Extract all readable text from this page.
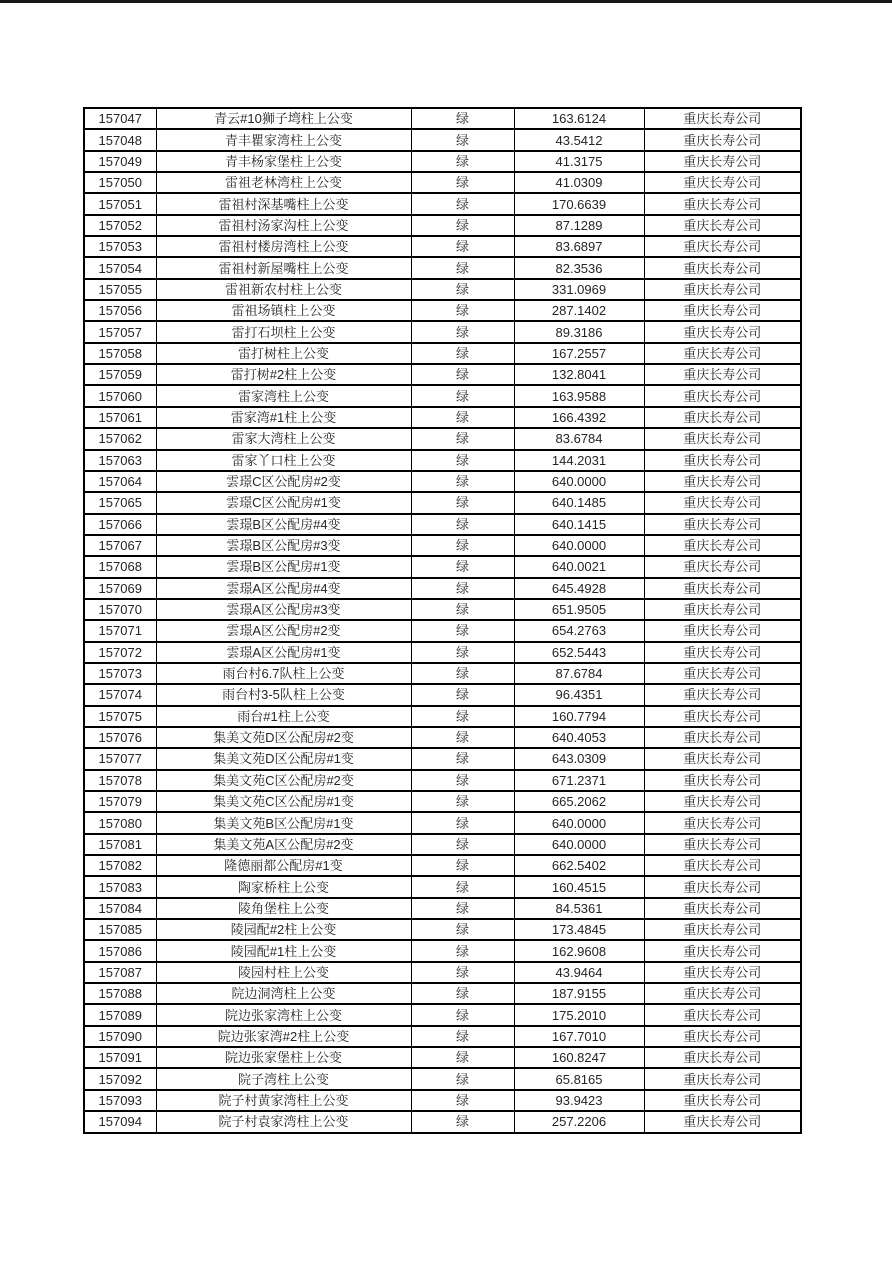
157047	青云#10狮子塆柱上公变	绿	163.6124	重庆长寿公司
157048	青丰瞿家湾柱上公变	绿	43.5412	重庆长寿公司
157049	青丰杨家堡柱上公变	绿	41.3175	重庆长寿公司
157050	雷祖老林湾柱上公变	绿	41.0309	重庆长寿公司
157051	雷祖村深基嘴柱上公变	绿	170.6639	重庆长寿公司
157052	雷祖村汤家沟柱上公变	绿	87.1289	重庆长寿公司
157053	雷祖村楼房湾柱上公变	绿	83.6897	重庆长寿公司
157054	雷祖村新屋嘴柱上公变	绿	82.3536	重庆长寿公司
157055	雷祖新农村柱上公变	绿	331.0969	重庆长寿公司
157056	雷祖场镇柱上公变	绿	287.1402	重庆长寿公司
157057	雷打石坝柱上公变	绿	89.3186	重庆长寿公司
157058	雷打树柱上公变	绿	167.2557	重庆长寿公司
157059	雷打树#2柱上公变	绿	132.8041	重庆长寿公司
157060	雷家湾柱上公变	绿	163.9588	重庆长寿公司
157061	雷家湾#1柱上公变	绿	166.4392	重庆长寿公司
157062	雷家大湾柱上公变	绿	83.6784	重庆长寿公司
157063	雷家丫口柱上公变	绿	144.2031	重庆长寿公司
157064	雲璟C区公配房#2变	绿	640.0000	重庆长寿公司
157065	雲璟C区公配房#1变	绿	640.1485	重庆长寿公司
157066	雲璟B区公配房#4变	绿	640.1415	重庆长寿公司
157067	雲璟B区公配房#3变	绿	640.0000	重庆长寿公司
157068	雲璟B区公配房#1变	绿	640.0021	重庆长寿公司
157069	雲璟A区公配房#4变	绿	645.4928	重庆长寿公司
157070	雲璟A区公配房#3变	绿	651.9505	重庆长寿公司
157071	雲璟A区公配房#2变	绿	654.2763	重庆长寿公司
157072	雲璟A区公配房#1变	绿	652.5443	重庆长寿公司
157073	雨台村6.7队柱上公变	绿	87.6784	重庆长寿公司
157074	雨台村3-5队柱上公变	绿	96.4351	重庆长寿公司
157075	雨台#1柱上公变	绿	160.7794	重庆长寿公司
157076	集美文苑D区公配房#2变	绿	640.4053	重庆长寿公司
157077	集美文苑D区公配房#1变	绿	643.0309	重庆长寿公司
157078	集美文苑C区公配房#2变	绿	671.2371	重庆长寿公司
157079	集美文苑C区公配房#1变	绿	665.2062	重庆长寿公司
157080	集美文苑B区公配房#1变	绿	640.0000	重庆长寿公司
157081	集美文苑A区公配房#2变	绿	640.0000	重庆长寿公司
157082	隆德丽都公配房#1变	绿	662.5402	重庆长寿公司
157083	陶家桥柱上公变	绿	160.4515	重庆长寿公司
157084	陵角堡柱上公变	绿	84.5361	重庆长寿公司
157085	陵园配#2柱上公变	绿	173.4845	重庆长寿公司
157086	陵园配#1柱上公变	绿	162.9608	重庆长寿公司
157087	陵园村柱上公变	绿	43.9464	重庆长寿公司
157088	院边洞湾柱上公变	绿	187.9155	重庆长寿公司
157089	院边张家湾柱上公变	绿	175.2010	重庆长寿公司
157090	院边张家湾#2柱上公变	绿	167.7010	重庆长寿公司
157091	院边张家堡柱上公变	绿	160.8247	重庆长寿公司
157092	院子湾柱上公变	绿	65.8165	重庆长寿公司
157093	院子村黄家湾柱上公变	绿	93.9423	重庆长寿公司
157094	院子村袁家湾柱上公变	绿	257.2206	重庆长寿公司
